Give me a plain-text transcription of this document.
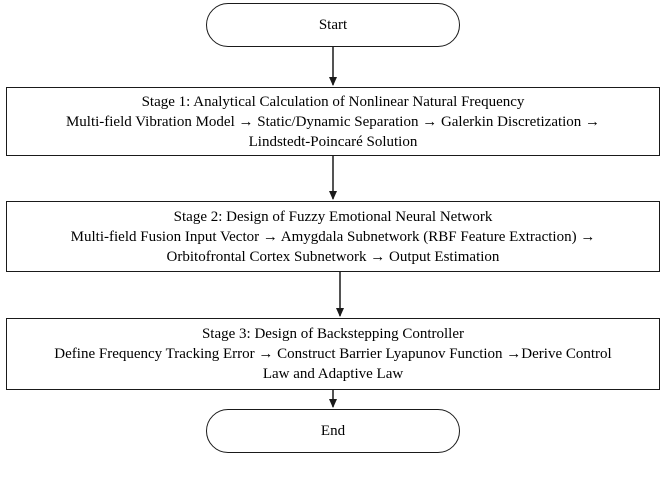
Start
Stage 1: Analytical Calculation of Nonlinear Natural Frequency
Multi-field Vibration Model → Static/Dynamic Separation → Galerkin Discretization →
Lindstedt-Poincaré Solution
Stage 2: Design of Fuzzy Emotional Neural Network
Multi-field Fusion Input Vector → Amygdala Subnetwork (RBF Feature Extraction) →
Orbitofrontal Cortex Subnetwork → Output Estimation
Stage 3: Design of Backstepping Controller
Define Frequency Tracking Error → Construct Barrier Lyapunov Function →Derive Control
Law and Adaptive Law
End
